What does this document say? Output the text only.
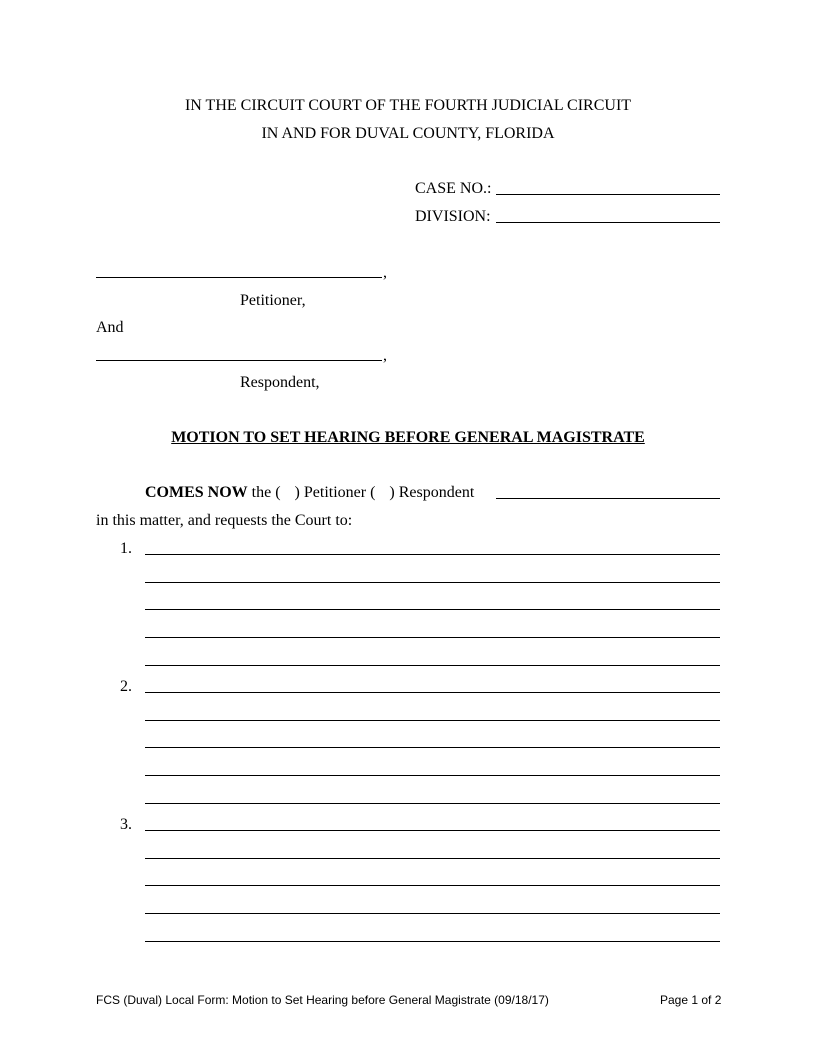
IN THE CIRCUIT COURT OF THE FOURTH JUDICIAL CIRCUIT
IN AND FOR DUVAL COUNTY, FLORIDA
CASE NO.:
DIVISION:
,
Petitioner,
And
,
Respondent,
MOTION TO SET HEARING BEFORE GENERAL MAGISTRATE
COMES NOW the ( ) Petitioner ( ) Respondent
in this matter, and requests the Court to:
1.
2.
3.
FCS (Duval) Local Form: Motion to Set Hearing before General Magistrate (09/18/17)	Page 1 of 2
